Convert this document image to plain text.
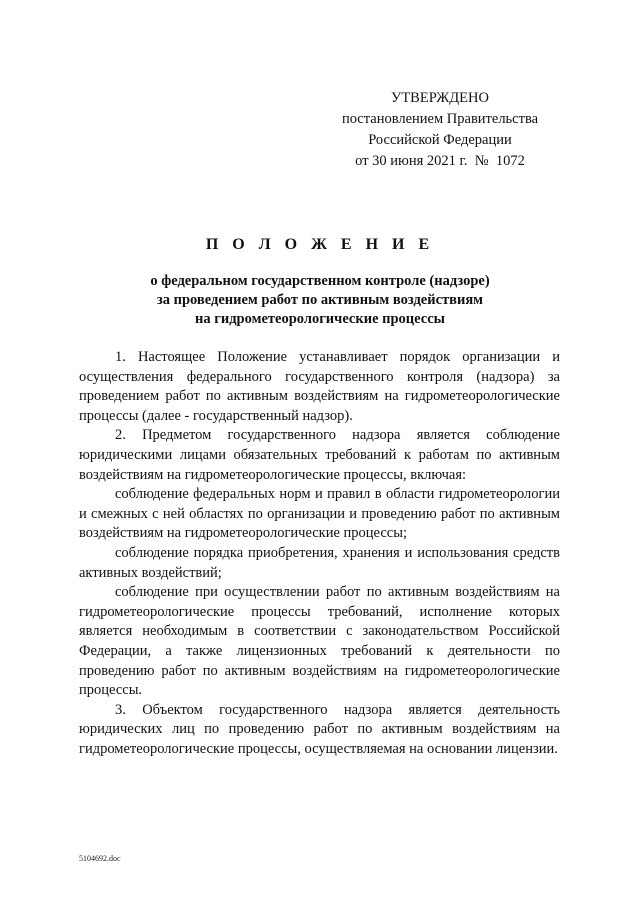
УТВЕРЖДЕНО
постановлением Правительства
Российской Федерации
от 30 июня 2021 г.  №  1072
П О Л О Ж Е Н И Е
о федеральном государственном контроле (надзоре)
за проведением работ по активным воздействиям
на гидрометеорологические процессы

1. Настоящее Положение устанавливает порядок организации и осуществления федерального государственного контроля (надзора) за проведением работ по активным воздействиям на гидрометеорологические процессы (далее - государственный надзор).

2. Предметом государственного надзора является соблюдение юридическими лицами обязательных требований к работам по активным воздействиям на гидрометеорологические процессы, включая:

соблюдение федеральных норм и правил в области гидрометеорологии и смежных с ней областях по организации и проведению работ по активным воздействиям на гидрометеорологические процессы;

соблюдение порядка приобретения, хранения и использования средств активных воздействий;

соблюдение при осуществлении работ по активным воздействиям на гидрометеорологические процессы требований, исполнение которых является необходимым в соответствии с законодательством Российской Федерации, а также лицензионных требований к деятельности по проведению работ по активным воздействиям на гидрометеорологические процессы.

3. Объектом государственного надзора является деятельность юридических лиц по проведению работ по активным воздействиям на гидрометеорологические процессы, осуществляемая на основании лицензии.

5104692.doc
